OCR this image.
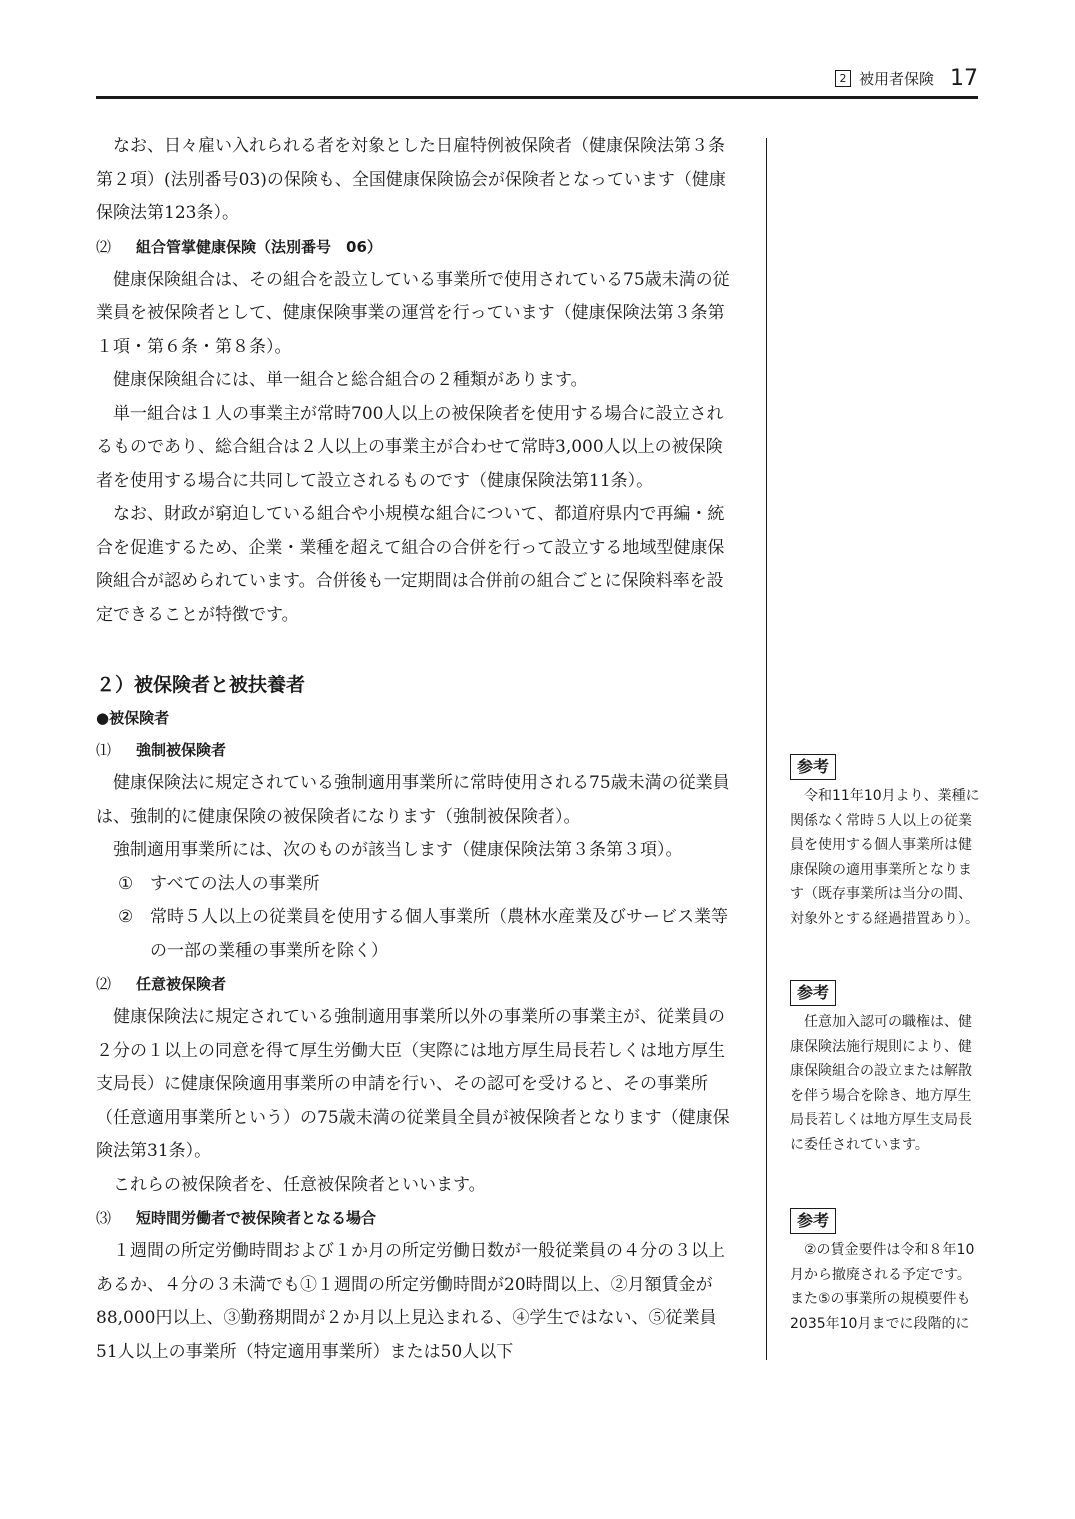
2 被用者保険 17

なお、日々雇い入れられる者を対象とした日雇特例被保険者（健康保険法第３条第２項）(法別番号03)の保険も、全国健康保険協会が保険者となっています（健康保険法第123条）。

⑵	組合管掌健康保険（法別番号　06）

健康保険組合は、その組合を設立している事業所で使用されている75歳未満の従業員を被保険者として、健康保険事業の運営を行っています（健康保険法第３条第１項・第６条・第８条）。

健康保険組合には、単一組合と総合組合の２種類があります。

単一組合は１人の事業主が常時700人以上の被保険者を使用する場合に設立されるものであり、総合組合は２人以上の事業主が合わせて常時3,000人以上の被保険者を使用する場合に共同して設立されるものです（健康保険法第11条）。

なお、財政が窮迫している組合や小規模な組合について、都道府県内で再編・統合を促進するため、企業・業種を超えて組合の合併を行って設立する地域型健康保険組合が認められています。合併後も一定期間は合併前の組合ごとに保険料率を設定できることが特徴です。

２）被保険者と被扶養者
●被保険者
⑴	強制被保険者

健康保険法に規定されている強制適用事業所に常時使用される75歳未満の従業員は、強制的に健康保険の被保険者になります（強制被保険者）。

強制適用事業所には、次のものが該当します（健康保険法第３条第３項）。

① すべての法人の事業所
② 常時５人以上の従業員を使用する個人事業所（農林水産業及びサービス業等の一部の業種の事業所を除く）
⑵	任意被保険者

健康保険法に規定されている強制適用事業所以外の事業所の事業主が、従業員の２分の１以上の同意を得て厚生労働大臣（実際には地方厚生局長若しくは地方厚生支局長）に健康保険適用事業所の申請を行い、その認可を受けると、その事業所（任意適用事業所という）の75歳未満の従業員全員が被保険者となります（健康保険法第31条）。

これらの被保険者を、任意被保険者といいます。

⑶	短時間労働者で被保険者となる場合

１週間の所定労働時間および１か月の所定労働日数が一般従業員の４分の３以上あるか、４分の３未満でも①１週間の所定労働時間が20時間以上、②月額賃金が88,000円以上、③勤務期間が２か月以上見込まれる、④学生ではない、⑤従業員51人以上の事業所（特定適用事業所）または50人以下

参考
令和11年10月より、業種に関係なく常時５人以上の従業員を使用する個人事業所は健康保険の適用事業所となります（既存事業所は当分の間、対象外とする経過措置あり）。
参考
任意加入認可の職権は、健康保険法施行規則により、健康保険組合の設立または解散を伴う場合を除き、地方厚生局長若しくは地方厚生支局長に委任されています。
参考
②の賃金要件は令和８年10月から撤廃される予定です。また⑤の事業所の規模要件も2035年10月までに段階的に
